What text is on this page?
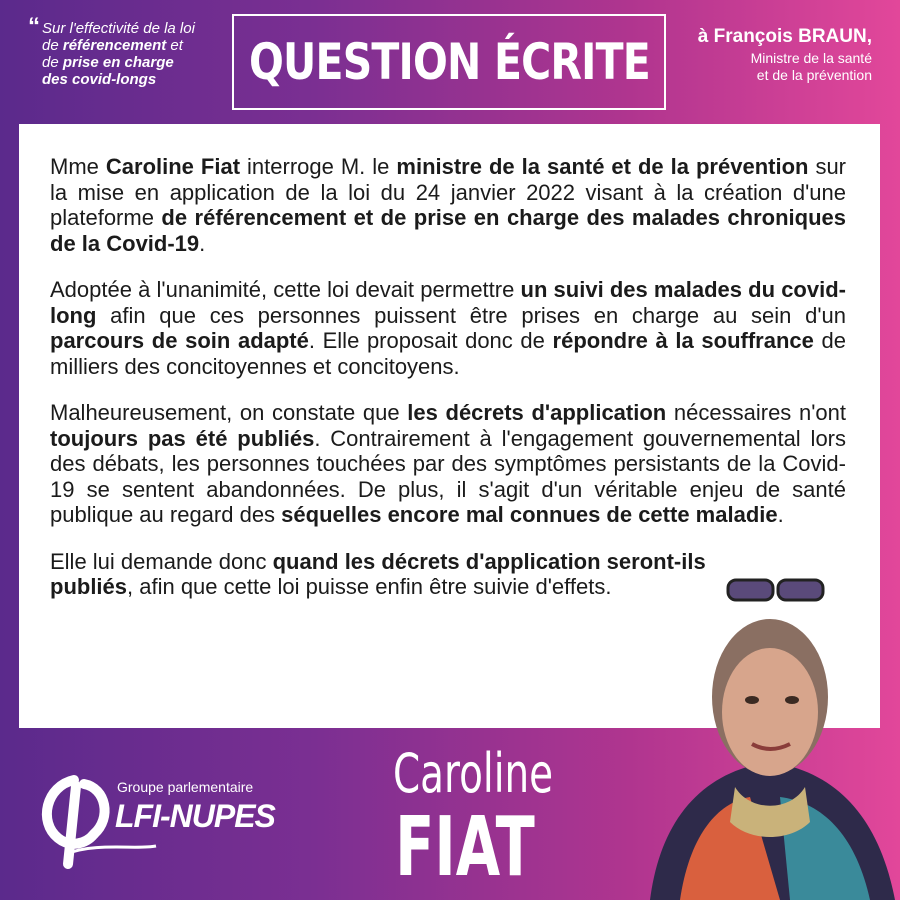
“ Sur l'effectivité de la loi
de référencement et
de prise en charge
des covid-longs	QUESTION ÉCRITE	à François BRAUN,
Ministre de la santé
et de la prévention

Mme Caroline Fiat interroge M. le ministre de la santé et de la prévention sur la mise en application de la loi du 24 janvier 2022 visant à la création d'une plateforme de référencement et de prise en charge des malades chroniques de la Covid-19.

Adoptée à l'unanimité, cette loi devait permettre un suivi des malades du covid-long afin que ces personnes puissent être prises en charge au sein d'un parcours de soin adapté. Elle proposait donc de répondre à la souffrance de milliers des concitoyennes et concitoyens.

Malheureusement, on constate que les décrets d'application nécessaires n'ont toujours pas été publiés. Contrairement à l'engagement gouvernemental lors des débats, les personnes touchées par des symptômes persistants de la Covid-19 se sentent abandonnées. De plus, il s'agit d'un véritable enjeu de santé publique au regard des séquelles encore mal connues de cette maladie.

Elle lui demande donc quand les décrets d'application seront-ils publiés, afin que cette loi puisse enfin être suivie d'effets.

Groupe parlementaire
LFI-NUPES
Caroline
FIAT
